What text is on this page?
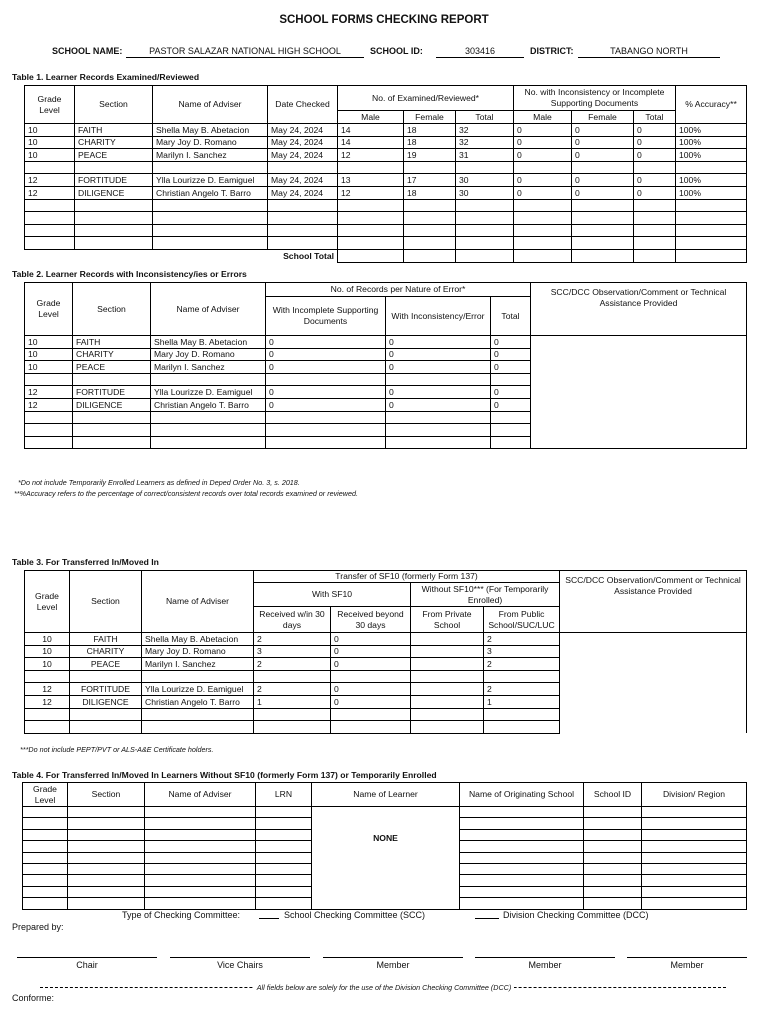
SCHOOL FORMS CHECKING REPORT
SCHOOL NAME:	PASTOR SALAZAR NATIONAL HIGH SCHOOL	SCHOOL ID:	303416	DISTRICT:	TABANGO NORTH
Table 1. Learner Records Examined/Reviewed
Grade Level	Section	Name of Adviser	Date Checked	No. of Examined/Reviewed*			No. with Inconsistency or Incomplete Supporting Documents			% Accuracy**
				Male	Female	Total	Male	Female	Total	
10	FAITH	Shella May B. Abetacion	May 24, 2024	14	18	32	0	0	0	100%
10	CHARITY	Mary Joy D. Romano	May 24, 2024	14	18	32	0	0	0	100%
10	PEACE	Marilyn I. Sanchez	May 24, 2024	12	19	31	0	0	0	100%

12	FORTITUDE	Ylla Lourizze D. Eamiguel	May 24, 2024	13	17	30	0	0	0	100%
12	DILIGENCE	Christian Angelo T. Barro	May 24, 2024	12	18	30	0	0	0	100%

School Total										
Table 2. Learner Records with Inconsistency/ies or Errors
Grade Level	Section	Name of Adviser	No. of Records per Nature of Error*			SCC/DCC Observation/Comment or Technical Assistance Provided
			With Incomplete Supporting Documents	With Inconsistency/Error	Total	
10	FAITH	Shella May B. Abetacion	0	0	0	
10	CHARITY	Mary Joy D. Romano	0	0	0	
10	PEACE	Marilyn I. Sanchez	0	0	0	

12	FORTITUDE	Ylla Lourizze D. Eamiguel	0	0	0	
12	DILIGENCE	Christian Angelo T. Barro	0	0	0	

*Do not include Temporarily Enrolled Learners as defined in Deped Order No. 3, s. 2018.
**%Accuracy refers to the percentage of correct/consistent records over total records examined or reviewed.
Table 3. For Transferred In/Moved In
Grade Level	Section	Name of Adviser	Transfer of SF10 (formerly Form 137)				SCC/DCC Observation/Comment or Technical Assistance Provided
			With SF10		Without SF10*** (For Temporarily Enrolled)		
			Received w/in 30 days	Received beyond 30 days	From Private School	From Public School/SUC/LUC	
10	FAITH	Shella May B. Abetacion	2	0		2	
10	CHARITY	Mary Joy D. Romano	3	0		3	
10	PEACE	Marilyn I. Sanchez	2	0		2	

12	FORTITUDE	Ylla Lourizze D. Eamiguel	2	0		2	
12	DILIGENCE	Christian Angelo T. Barro	1	0		1	

***Do not include PEPT/PVT or ALS-A&E Certificate holders.
Table 4. For Transferred In/Moved In Learners Without SF10 (formerly Form 137) or Temporarily Enrolled
Grade Level	Section	Name of Adviser	LRN	Name of Learner	Name of Originating School	School ID	Division/ Region
				NONE			

Type of Checking Committee:	School Checking Committee (SCC)	Division Checking Committee (DCC)
Prepared by:
Chair	Vice Chairs	Member	Member	Member
All fields below are solely for the use of the Division Checking Committee (DCC)
Conforme:
